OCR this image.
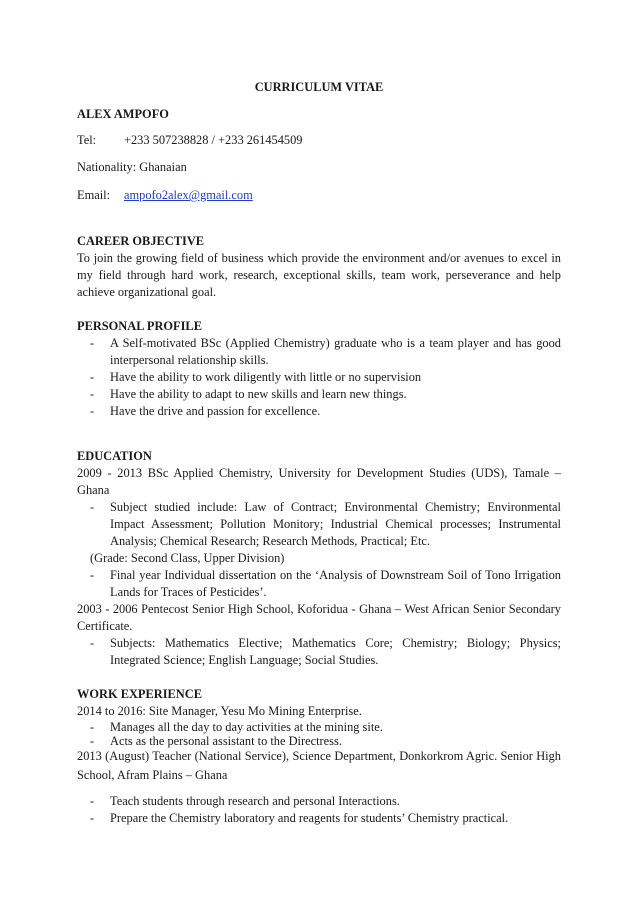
CURRICULUM VITAE
ALEX AMPOFO
Tel: +233 507238828 / +233 261454509
Nationality: Ghanaian
Email: ampofo2alex@gmail.com
CAREER OBJECTIVE
To join the growing field of business which provide the environment and/or avenues to excel in my field through hard work, research, exceptional skills, team work, perseverance and help achieve organizational goal.
PERSONAL PROFILE
- A Self-motivated BSc (Applied Chemistry) graduate who is a team player and has good interpersonal relationship skills.
- Have the ability to work diligently with little or no supervision
- Have the ability to adapt to new skills and learn new things.
- Have the drive and passion for excellence.
EDUCATION
2009 - 2013 BSc Applied Chemistry, University for Development Studies (UDS), Tamale – Ghana
- Subject studied include: Law of Contract; Environmental Chemistry; Environmental Impact Assessment; Pollution Monitory; Industrial Chemical processes; Instrumental Analysis; Chemical Research; Research Methods, Practical; Etc.
(Grade: Second Class, Upper Division)
- Final year Individual dissertation on the ‘Analysis of Downstream Soil of Tono Irrigation Lands for Traces of Pesticides’.
2003 - 2006 Pentecost Senior High School, Koforidua - Ghana – West African Senior Secondary Certificate.
- Subjects: Mathematics Elective; Mathematics Core; Chemistry; Biology; Physics; Integrated Science; English Language; Social Studies.
WORK EXPERIENCE
2014 to 2016: Site Manager, Yesu Mo Mining Enterprise.
- Manages all the day to day activities at the mining site.
- Acts as the personal assistant to the Directress.
2013 (August) Teacher (National Service), Science Department, Donkorkrom Agric. Senior High School, Afram Plains – Ghana
- Teach students through research and personal Interactions.
- Prepare the Chemistry laboratory and reagents for students’ Chemistry practical.
